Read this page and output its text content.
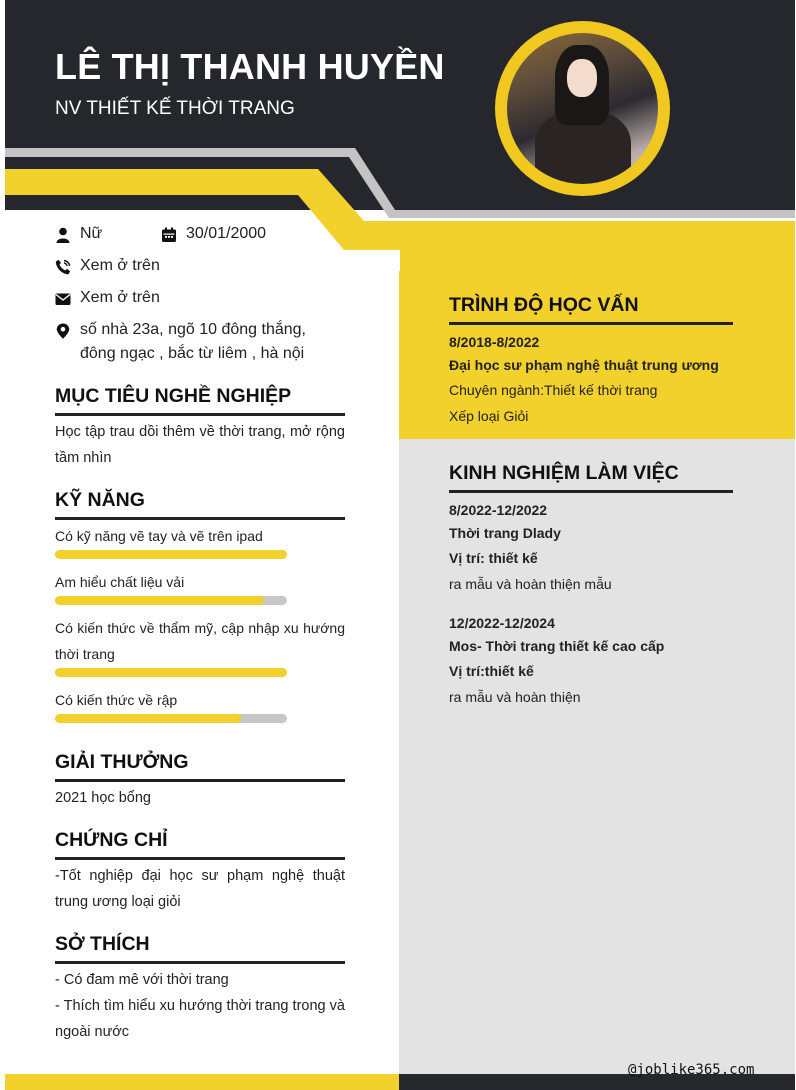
LÊ THỊ THANH HUYỀN
NV THIẾT KẾ THỜI TRANG
Nữ	30/01/2000
Xem ở trên
Xem ở trên
số nhà 23a, ngõ 10 đông thắng,
đông ngạc , bắc từ liêm , hà nội
MỤC TIÊU NGHỀ NGHIỆP
Học tập trau dồi thêm về thời trang, mở rộng tầm nhìn
KỸ NĂNG
Có kỹ năng vẽ tay và vẽ trên ipad
Am hiểu chất liệu vải
Có kiến thức về thẩm mỹ, cập nhập xu hướng thời trang
Có kiến thức về rập
GIẢI THƯỞNG
2021 học bổng
CHỨNG CHỈ
-Tốt nghiệp đại học sư phạm nghệ thuật trung ương loại giỏi
SỞ THÍCH
- Có đam mê với thời trang
- Thích tìm hiểu xu hướng thời trang trong và ngoài nước
TRÌNH ĐỘ HỌC VẤN
8/2018-8/2022
Đại học sư phạm nghệ thuật trung ương
Chuyên ngành:Thiết kế thời trang
Xếp loại Giỏi
KINH NGHIỆM LÀM VIỆC
8/2022-12/2022
Thời trang Dlady
Vị trí: thiết kế
ra mẫu và hoàn thiện mẫu
12/2022-12/2024
Mos- Thời trang thiết kế cao cấp
Vị trí:thiết kế
ra mẫu và hoàn thiện
@joblike365.com
